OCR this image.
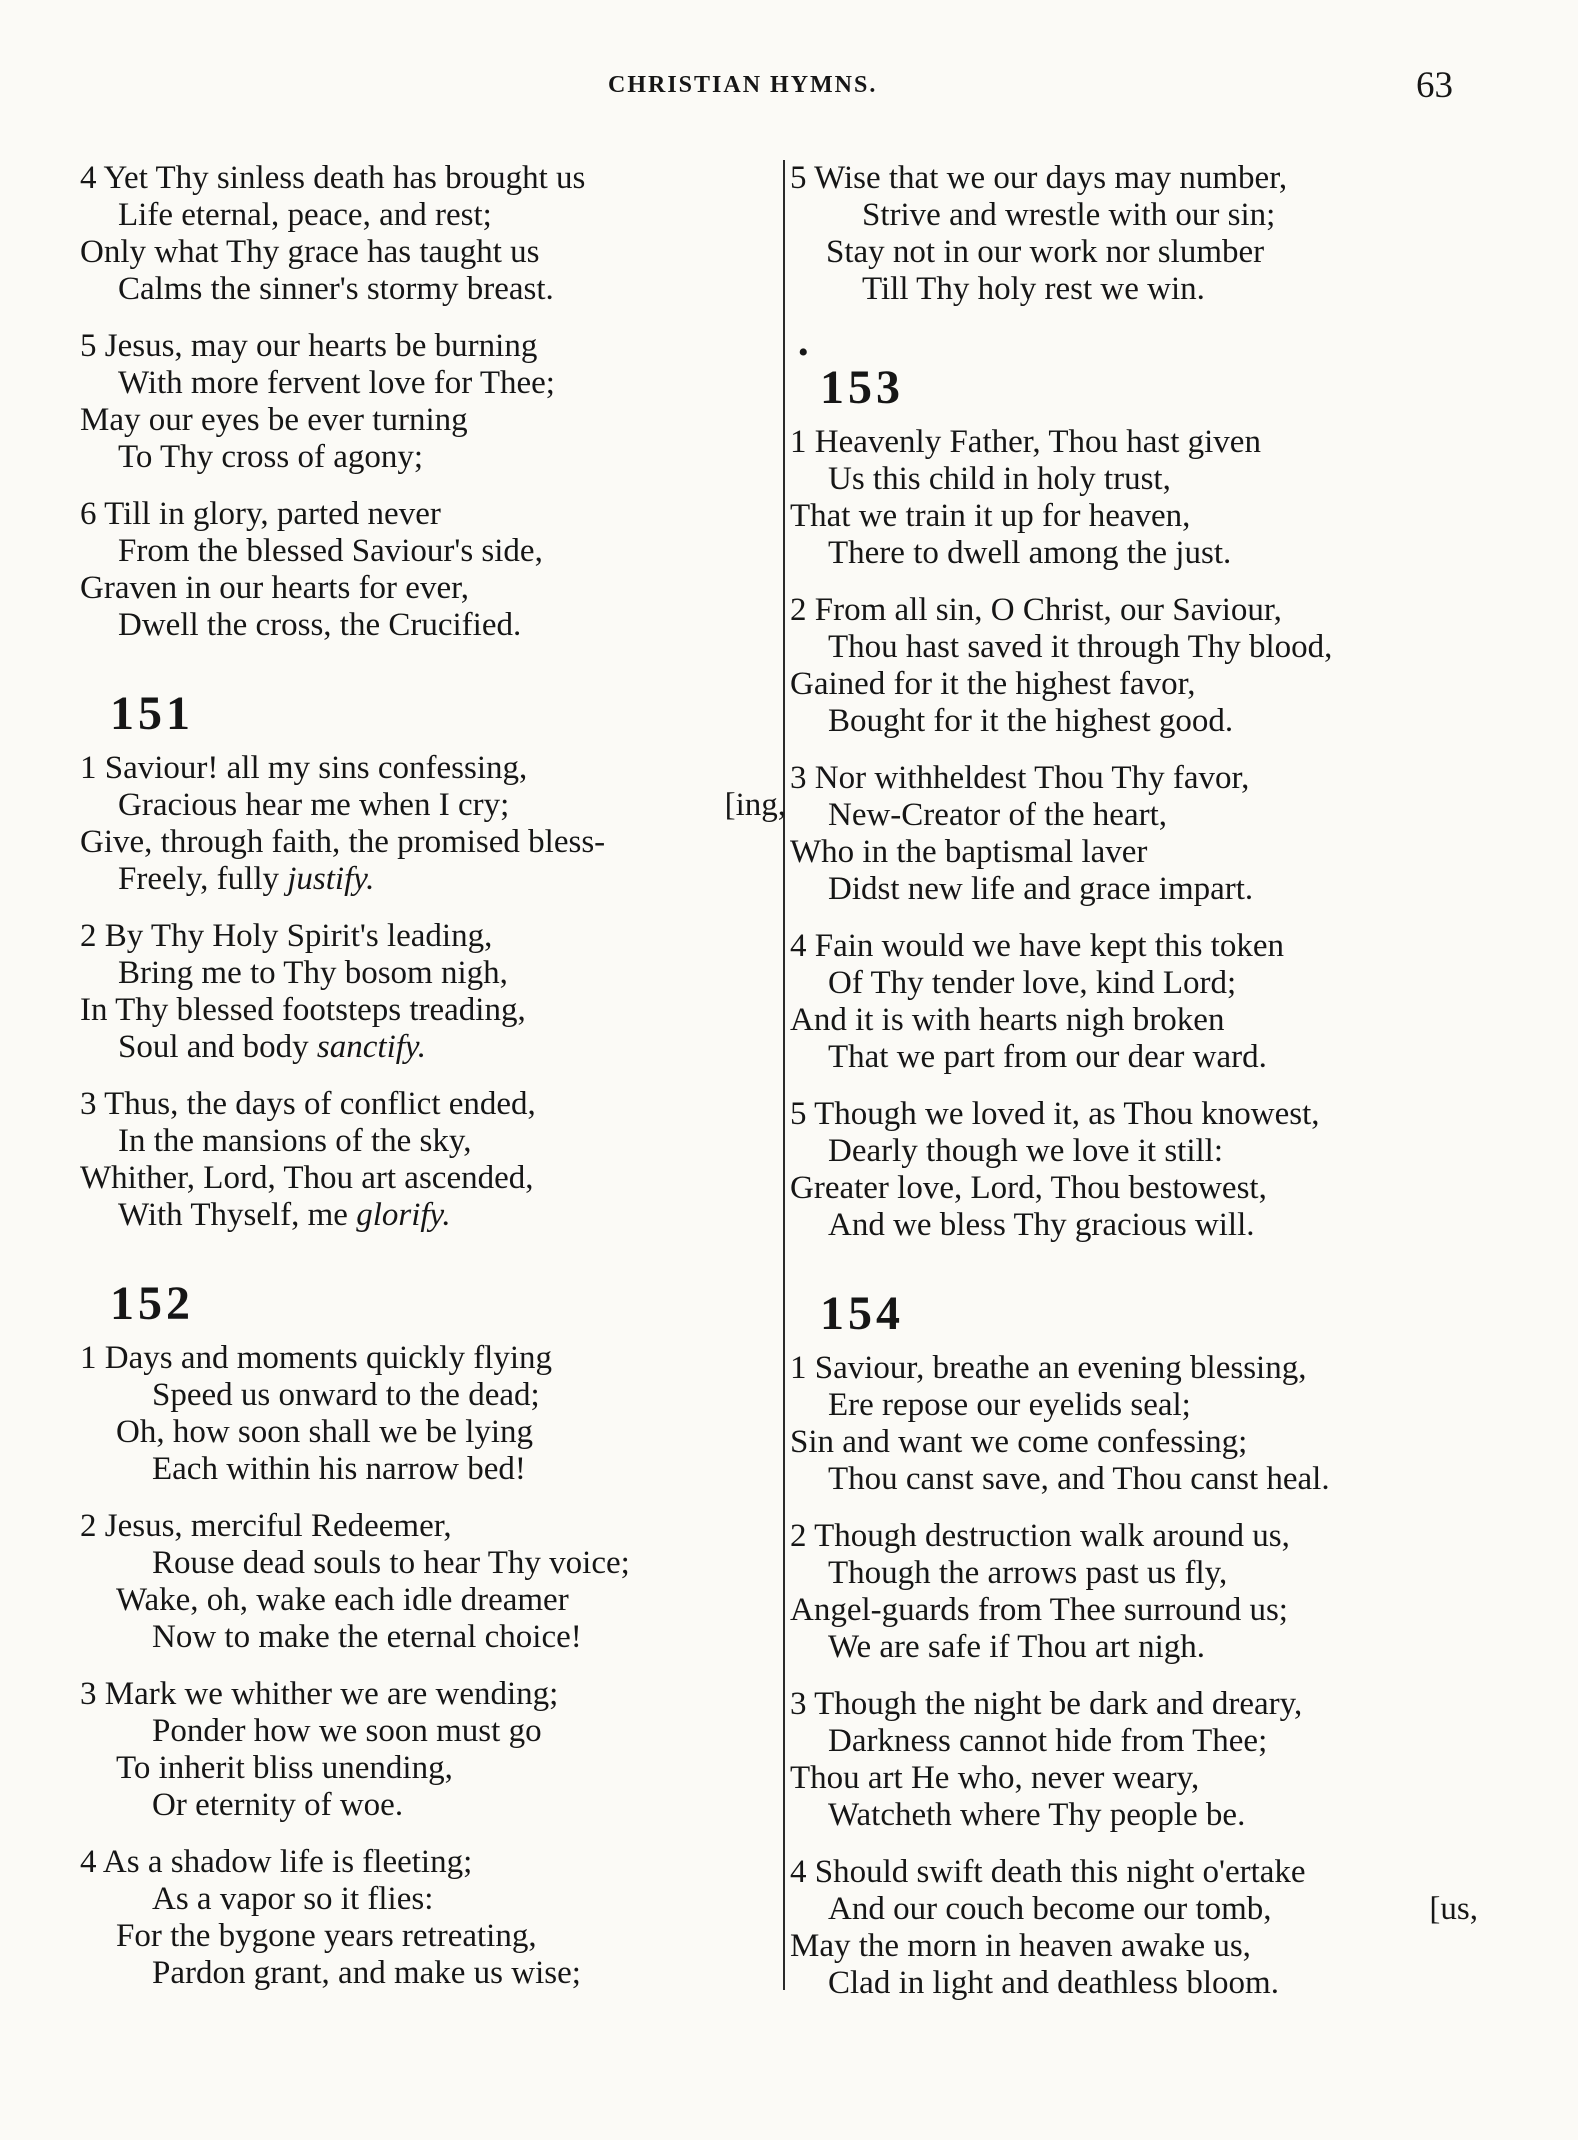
CHRISTIAN HYMNS.	63
4 Yet Thy sinless death has brought us
Life eternal, peace, and rest;
Only what Thy grace has taught us
Calms the sinner's stormy breast.
5 Jesus, may our hearts be burning
With more fervent love for Thee;
May our eyes be ever turning
To Thy cross of agony;
6 Till in glory, parted never
From the blessed Saviour's side,
Graven in our hearts for ever,
Dwell the cross, the Crucified.
151
1 Saviour! all my sins confessing,
Gracious hear me when I cry;	[ing,
Give, through faith, the promised bless-
Freely, fully justify.
2 By Thy Holy Spirit's leading,
Bring me to Thy bosom nigh,
In Thy blessed footsteps treading,
Soul and body sanctify.
3 Thus, the days of conflict ended,
In the mansions of the sky,
Whither, Lord, Thou art ascended,
With Thyself, me glorify.
152
1 Days and moments quickly flying
Speed us onward to the dead;
Oh, how soon shall we be lying
Each within his narrow bed!
2 Jesus, merciful Redeemer,
Rouse dead souls to hear Thy voice;
Wake, oh, wake each idle dreamer
Now to make the eternal choice!
3 Mark we whither we are wending;
Ponder how we soon must go
To inherit bliss unending,
Or eternity of woe.
4 As a shadow life is fleeting;
As a vapor so it flies:
For the bygone years retreating,
Pardon grant, and make us wise;
5 Wise that we our days may number,
Strive and wrestle with our sin;
Stay not in our work nor slumber
Till Thy holy rest we win.
•
153
1 Heavenly Father, Thou hast given
Us this child in holy trust,
That we train it up for heaven,
There to dwell among the just.
2 From all sin, O Christ, our Saviour,
Thou hast saved it through Thy blood,
Gained for it the highest favor,
Bought for it the highest good.
3 Nor withheldest Thou Thy favor,
New-Creator of the heart,
Who in the baptismal laver
Didst new life and grace impart.
4 Fain would we have kept this token
Of Thy tender love, kind Lord;
And it is with hearts nigh broken
That we part from our dear ward.
5 Though we loved it, as Thou knowest,
Dearly though we love it still:
Greater love, Lord, Thou bestowest,
And we bless Thy gracious will.
154
1 Saviour, breathe an evening blessing,
Ere repose our eyelids seal;
Sin and want we come confessing;
Thou canst save, and Thou canst heal.
2 Though destruction walk around us,
Though the arrows past us fly,
Angel-guards from Thee surround us;
We are safe if Thou art nigh.
3 Though the night be dark and dreary,
Darkness cannot hide from Thee;
Thou art He who, never weary,
Watcheth where Thy people be.
4 Should swift death this night o'ertake
And our couch become our tomb,	[us,
May the morn in heaven awake us,
Clad in light and deathless bloom.
